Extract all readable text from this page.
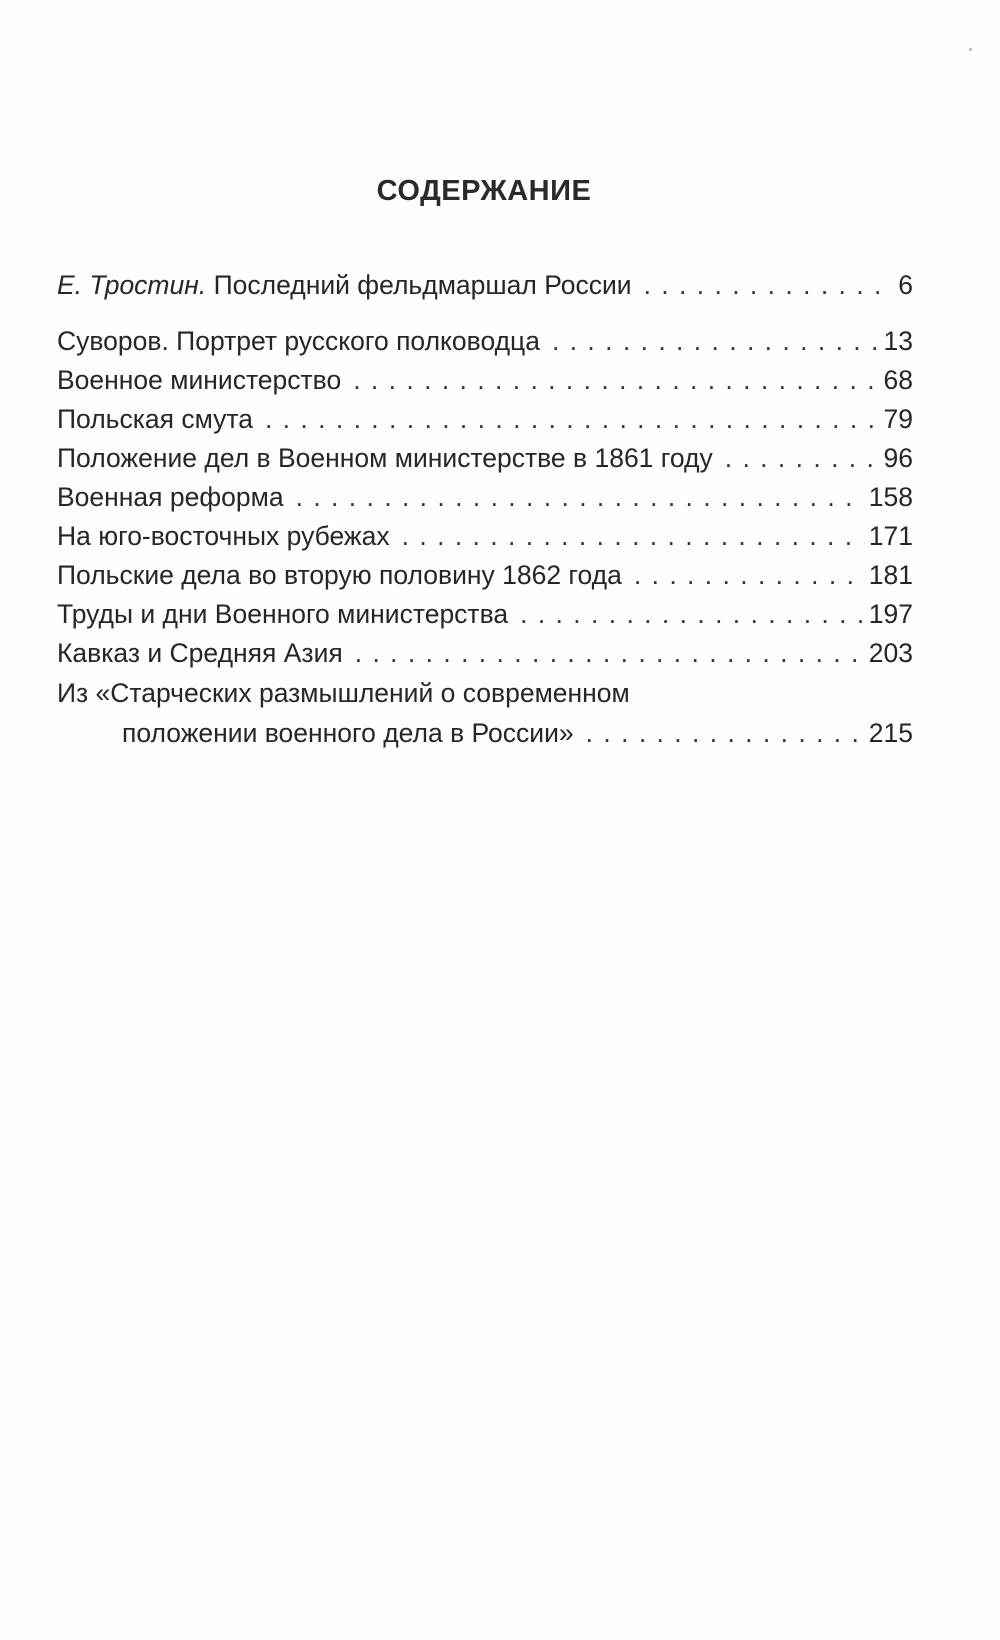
СОДЕРЖАНИЕ
Е. Тростин. Последний фельдмаршал России . . .	6
Суворов. Портрет русского полководца . . .	13
Военное министерство . . .	68
Польская смута . . .	79
Положение дел в Военном министерстве в 1861 году . . .	96
Военная реформа . . .	158
На юго-восточных рубежах . . .	171
Польские дела во вторую половину 1862 года . . .	181
Труды и дни Военного министерства . . .	197
Кавказ и Средняя Азия . . .	203
Из «Старческих размышлений о современном
положении военного дела в России» . . .	215
